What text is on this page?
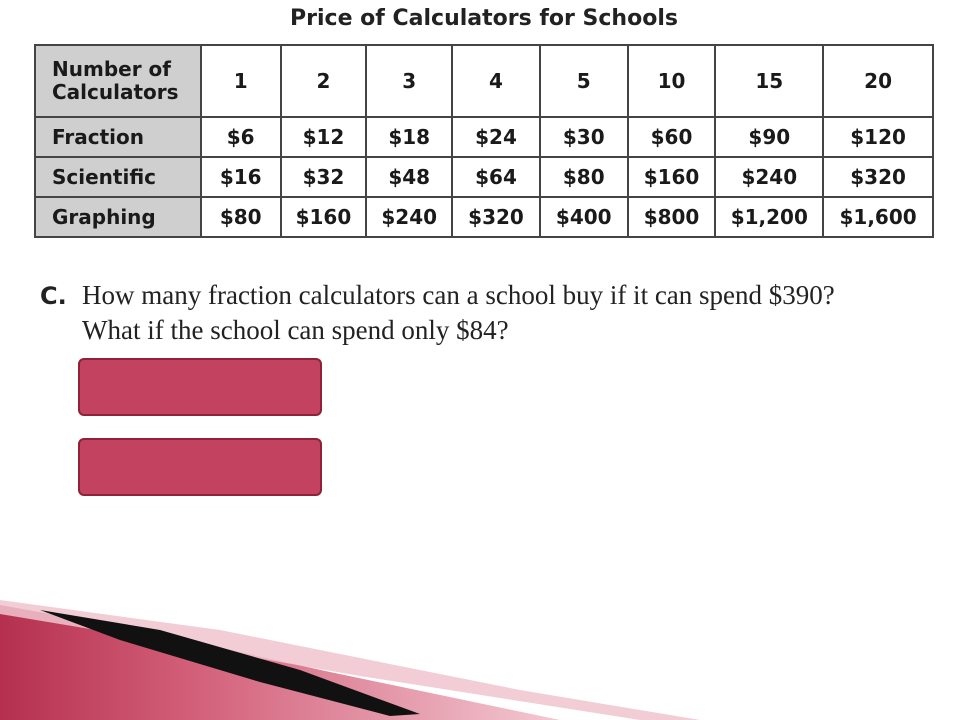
Price of Calculators for Schools
Number of
Calculators	1	2	3	4	5	10	15	20
Fraction	$6	$12	$18	$24	$30	$60	$90	$120
Scientific	$16	$32	$48	$64	$80	$160	$240	$320
Graphing	$80	$160	$240	$320	$400	$800	$1,200	$1,600
C. How many fraction calculators can a school buy if it can spend $390?
What if the school can spend only $84?
